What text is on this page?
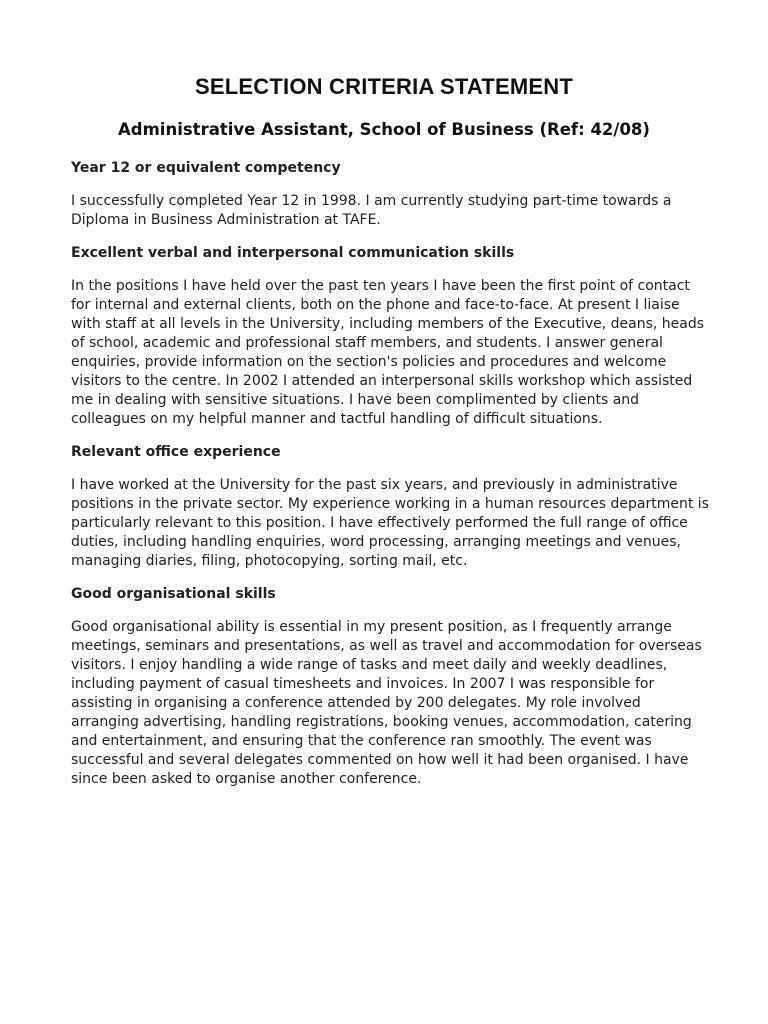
SELECTION CRITERIA STATEMENT
Administrative Assistant, School of Business (Ref: 42/08)

Year 12 or equivalent competency

I successfully completed Year 12 in 1998. I am currently studying part-time towards a Diploma in Business Administration at TAFE.

Excellent verbal and interpersonal communication skills

In the positions I have held over the past ten years I have been the first point of contact for internal and external clients, both on the phone and face-to-face. At present I liaise with staff at all levels in the University, including members of the Executive, deans, heads of school, academic and professional staff members, and students. I answer general enquiries, provide information on the section's policies and procedures and welcome visitors to the centre. In 2002 I attended an interpersonal skills workshop which assisted me in dealing with sensitive situations. I have been complimented by clients and colleagues on my helpful manner and tactful handling of difficult situations.

Relevant office experience

I have worked at the University for the past six years, and previously in administrative positions in the private sector. My experience working in a human resources department is particularly relevant to this position. I have effectively performed the full range of office duties, including handling enquiries, word processing, arranging meetings and venues, managing diaries, filing, photocopying, sorting mail, etc.

Good organisational skills

Good organisational ability is essential in my present position, as I frequently arrange meetings, seminars and presentations, as well as travel and accommodation for overseas visitors. I enjoy handling a wide range of tasks and meet daily and weekly deadlines, including payment of casual timesheets and invoices. In 2007 I was responsible for assisting in organising a conference attended by 200 delegates. My role involved arranging advertising, handling registrations, booking venues, accommodation, catering and entertainment, and ensuring that the conference ran smoothly. The event was successful and several delegates commented on how well it had been organised. I have since been asked to organise another conference.
